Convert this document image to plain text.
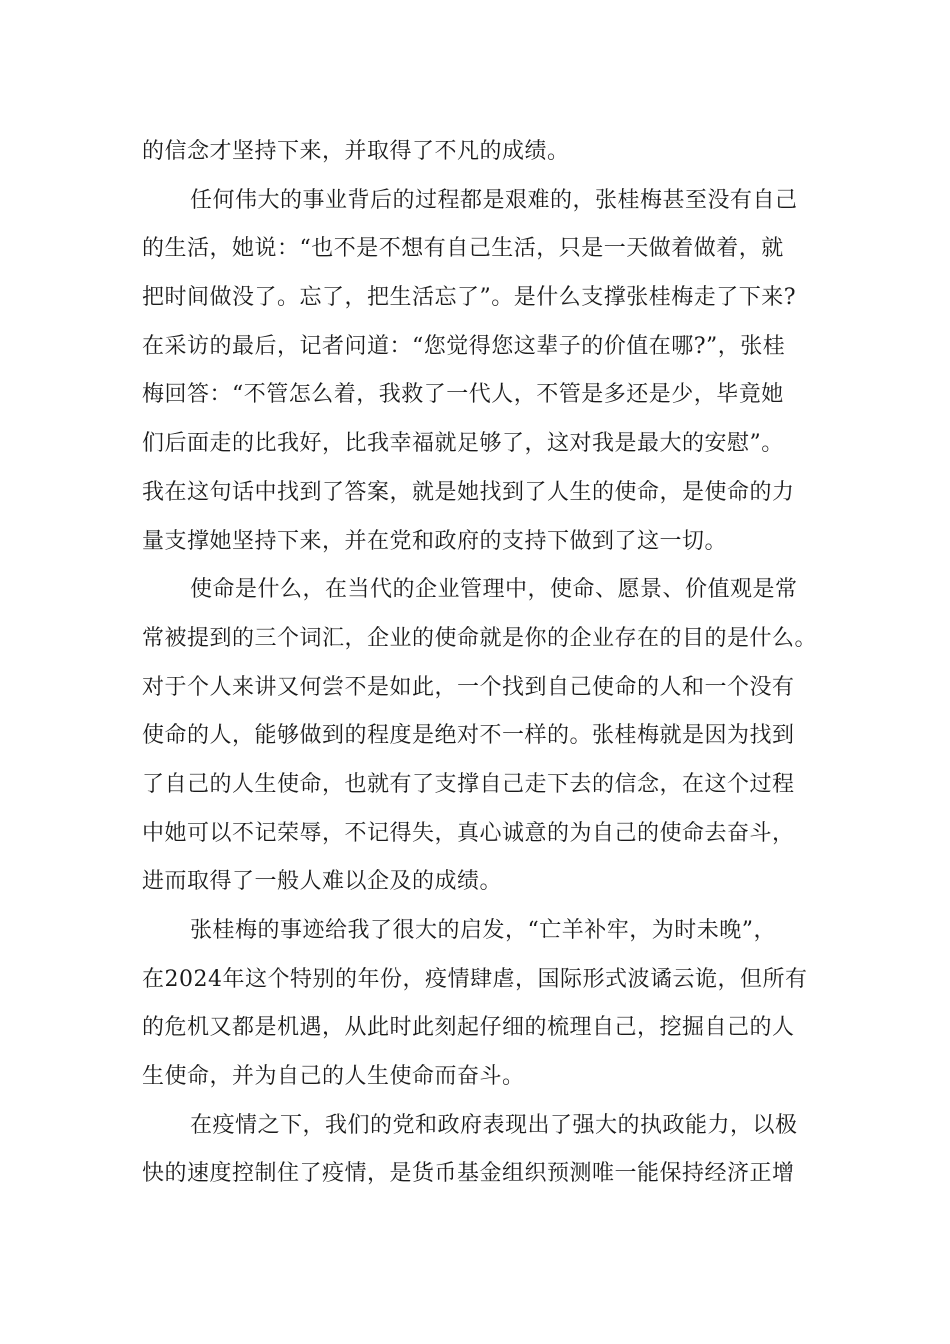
的信念才坚持下来，并取得了不凡的成绩。
任何伟大的事业背后的过程都是艰难的，张桂梅甚至没有自己
的生活，她说：“也不是不想有自己生活，只是一天做着做着，就
把时间做没了。忘了，把生活忘了”。是什么支撑张桂梅走了下来?
在采访的最后，记者问道：“您觉得您这辈子的价值在哪?”，张桂
梅回答：“不管怎么着，我救了一代人，不管是多还是少，毕竟她
们后面走的比我好，比我幸福就足够了，这对我是最大的安慰”。
我在这句话中找到了答案，就是她找到了人生的使命，是使命的力
量支撑她坚持下来，并在党和政府的支持下做到了这一切。
使命是什么，在当代的企业管理中，使命、愿景、价值观是常
常被提到的三个词汇，企业的使命就是你的企业存在的目的是什么。
对于个人来讲又何尝不是如此，一个找到自己使命的人和一个没有
使命的人，能够做到的程度是绝对不一样的。张桂梅就是因为找到
了自己的人生使命，也就有了支撑自己走下去的信念，在这个过程
中她可以不记荣辱，不记得失，真心诚意的为自己的使命去奋斗，
进而取得了一般人难以企及的成绩。
张桂梅的事迹给我了很大的启发，“亡羊补牢，为时未晚”，
在2024年这个特别的年份，疫情肆虐，国际形式波谲云诡，但所有
的危机又都是机遇，从此时此刻起仔细的梳理自己，挖掘自己的人
生使命，并为自己的人生使命而奋斗。
在疫情之下，我们的党和政府表现出了强大的执政能力，以极
快的速度控制住了疫情，是货币基金组织预测唯一能保持经济正增
